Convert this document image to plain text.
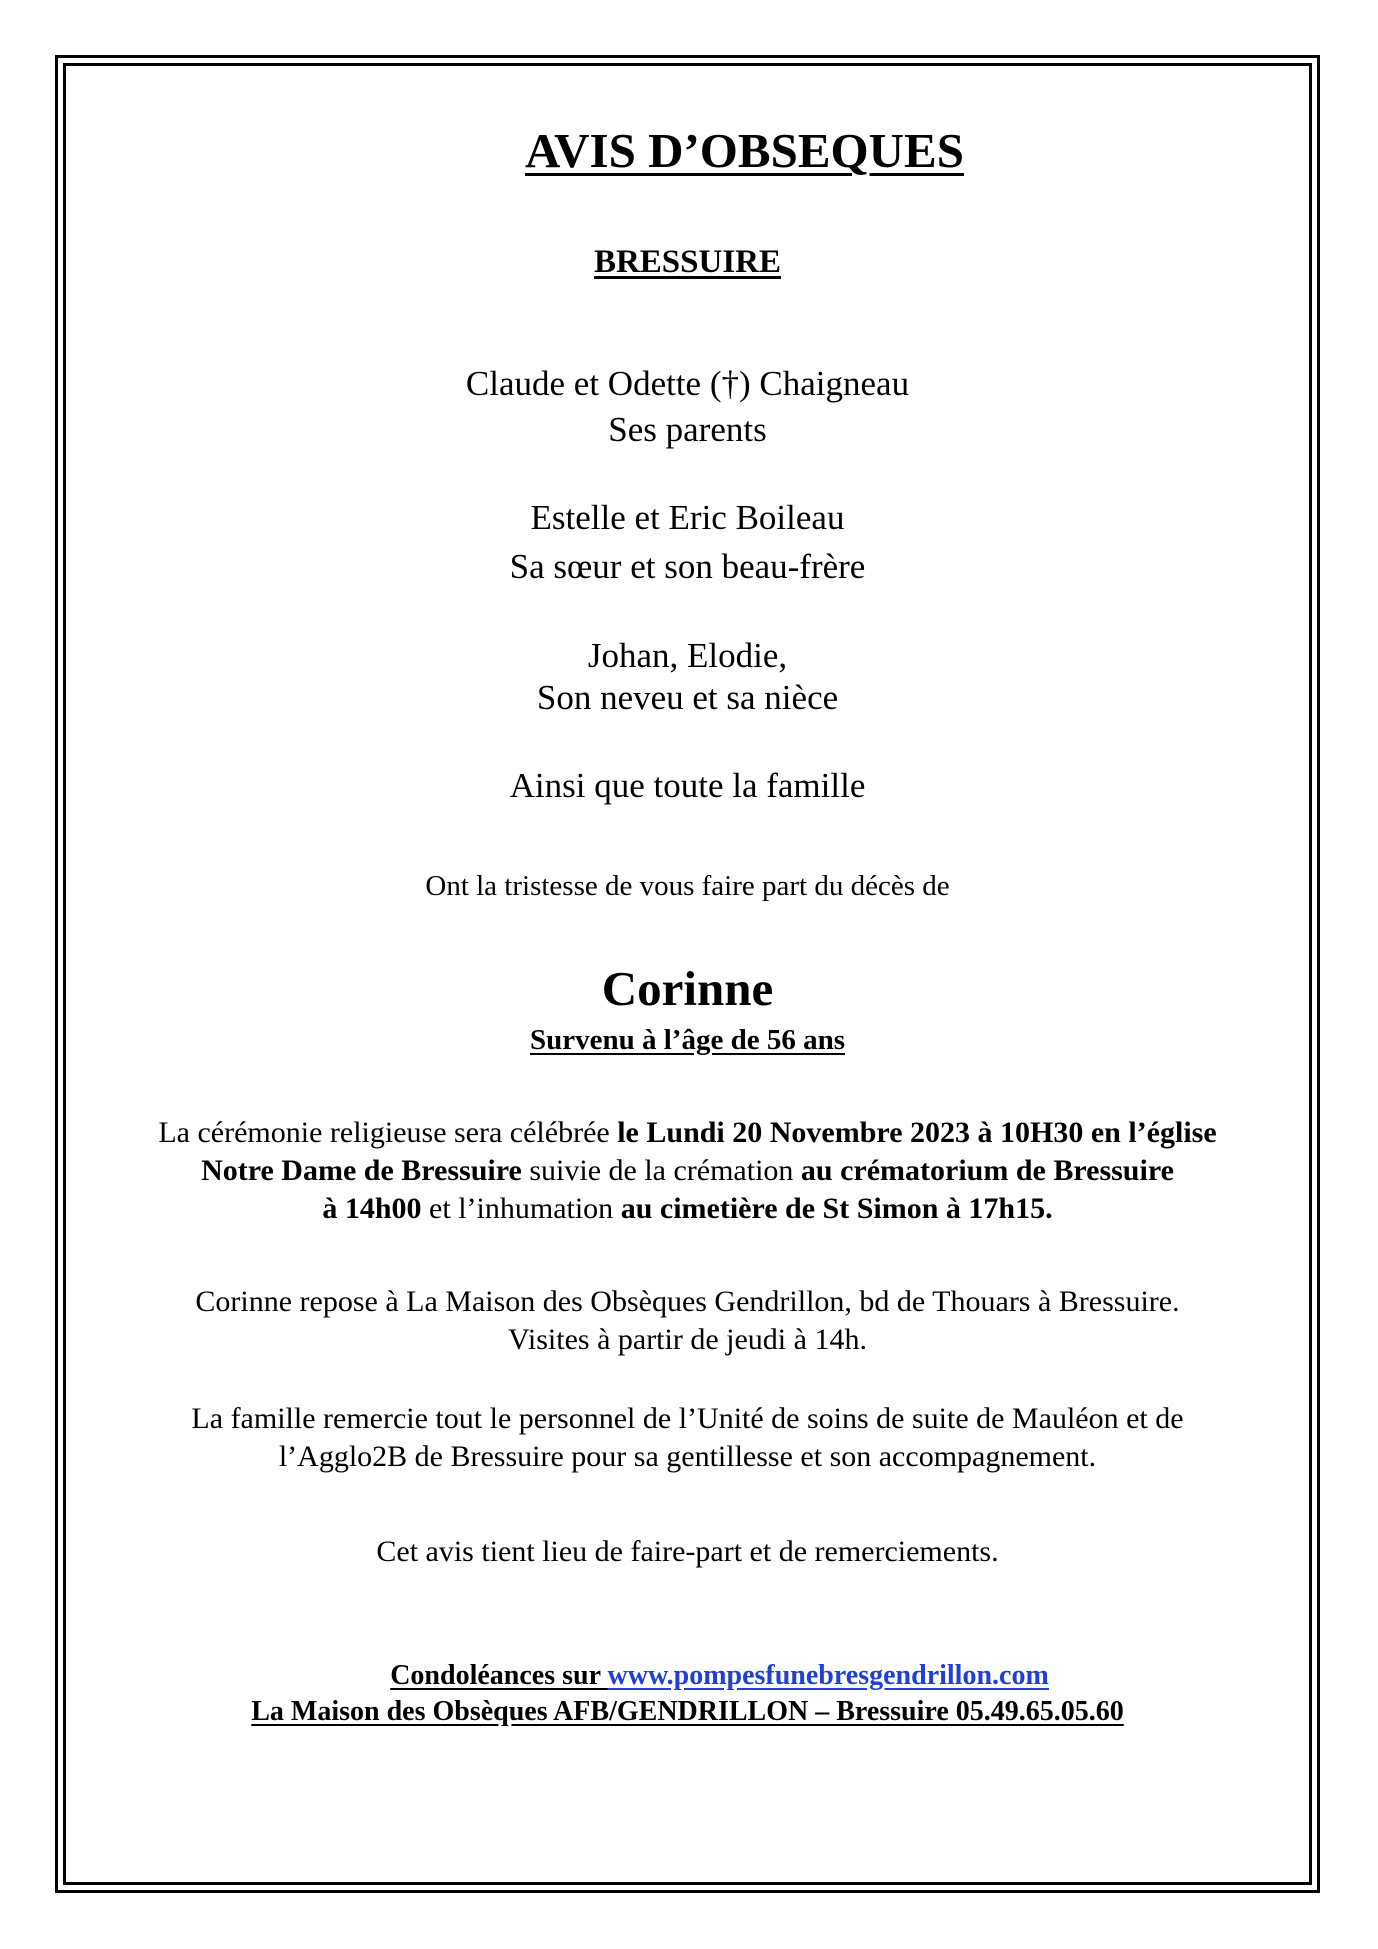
AVIS D’OBSEQUES
BRESSUIRE
Claude et Odette (†) Chaigneau
Ses parents
Estelle et Eric Boileau
Sa sœur et son beau-frère
Johan, Elodie,
Son neveu et sa nièce
Ainsi que toute la famille
Ont la tristesse de vous faire part du décès de
Corinne
Survenu à l’âge de 56 ans
La cérémonie religieuse sera célébrée le Lundi 20 Novembre 2023 à 10H30 en l’église
Notre Dame de Bressuire suivie de la crémation au crématorium de Bressuire
à 14h00 et l’inhumation au cimetière de St Simon à 17h15.
Corinne repose à La Maison des Obsèques Gendrillon, bd de Thouars à Bressuire.
Visites à partir de jeudi à 14h.
La famille remercie tout le personnel de l’Unité de soins de suite de Mauléon et de
l’Agglo2B de Bressuire pour sa gentillesse et son accompagnement.
Cet avis tient lieu de faire-part et de remerciements.
Condoléances sur www.pompesfunebresgendrillon.com
La Maison des Obsèques AFB/GENDRILLON – Bressuire 05.49.65.05.60
